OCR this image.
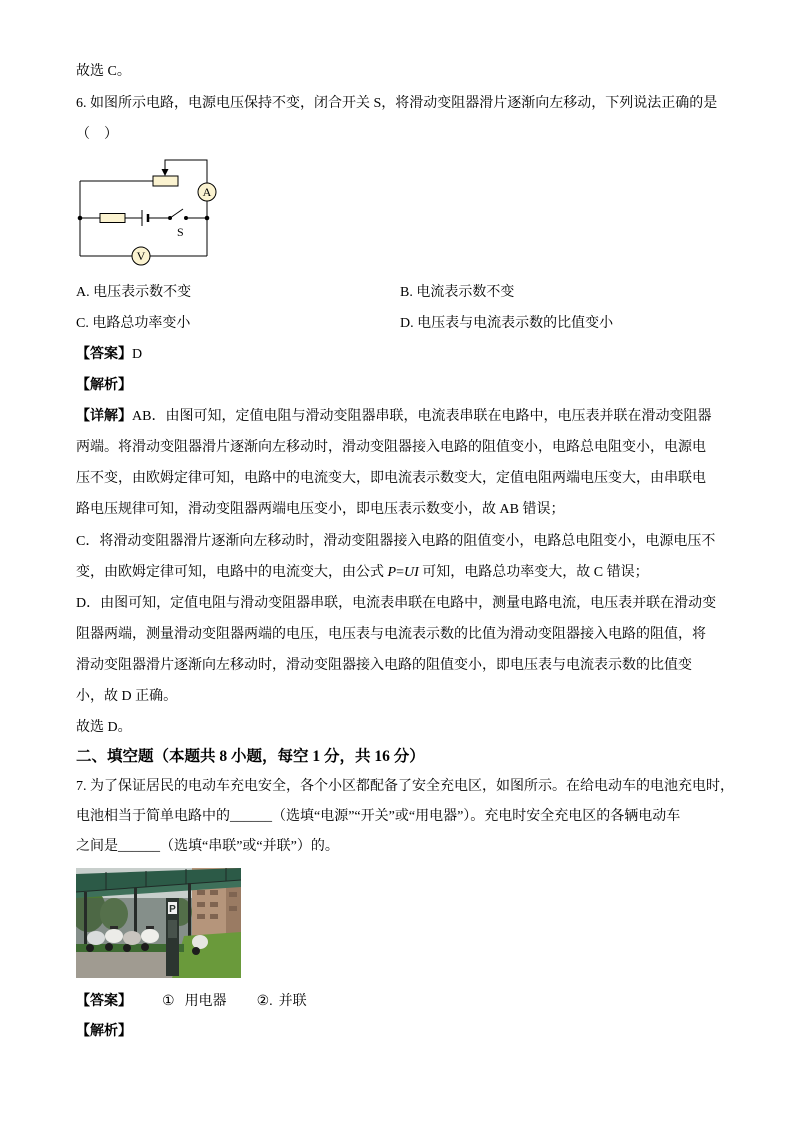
故选 C。
6. 如图所示电路，电源电压保持不变，闭合开关 S，将滑动变阻器滑片逐渐向左移动，下列说法正确的是
（　）
A
V
S
A. 电压表示数不变	B. 电流表示数不变
C. 电路总功率变小	D. 电压表与电流表示数的比值变小
【答案】D
【解析】
【详解】AB．由图可知，定值电阻与滑动变阻器串联，电流表串联在电路中，电压表并联在滑动变阻器
两端。将滑动变阻器滑片逐渐向左移动时，滑动变阻器接入电路的阻值变小，电路总电阻变小，电源电
压不变，由欧姆定律可知，电路中的电流变大，即电流表示数变大，定值电阻两端电压变大，由串联电
路电压规律可知，滑动变阻器两端电压变小，即电压表示数变小，故 AB 错误；
C．将滑动变阻器滑片逐渐向左移动时，滑动变阻器接入电路的阻值变小，电路总电阻变小，电源电压不
变，由欧姆定律可知，电路中的电流变大，由公式 P=UI 可知，电路总功率变大，故 C 错误；
D．由图可知，定值电阻与滑动变阻器串联，电流表串联在电路中，测量电路电流，电压表并联在滑动变
阻器两端，测量滑动变阻器两端的电压，电压表与电流表示数的比值为滑动变阻器接入电路的阻值，将
滑动变阻器滑片逐渐向左移动时，滑动变阻器接入电路的阻值变小，即电压表与电流表示数的比值变
小，故 D 正确。
故选 D。
二、填空题（本题共 8 小题，每空 1 分，共 16 分）
7. 为了保证居民的电动车充电安全，各个小区都配备了安全充电区，如图所示。在给电动车的电池充电时，
电池相当于简单电路中的______（选填“电源”“开关”或“用电器”）。充电时安全充电区的各辆电动车
之间是______（选填“串联”或“并联”）的。
P
【答案】 ① 用电器 ②. 并联
【解析】
